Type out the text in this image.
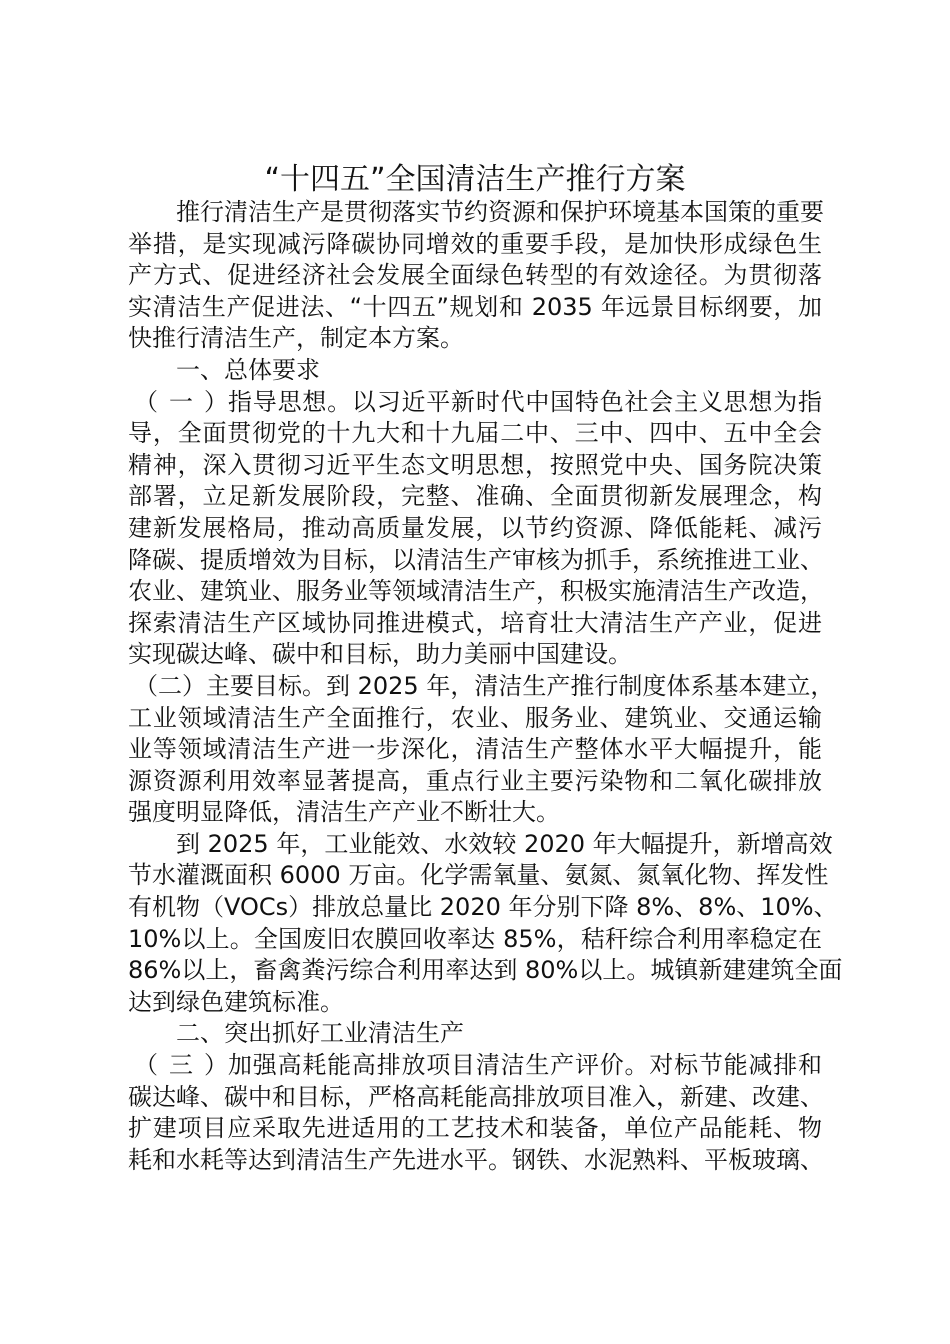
“十四五”全国清洁生产推行方案
推行清洁生产是贯彻落实节约资源和保护环境基本国策的重要
举措，是实现减污降碳协同增效的重要手段，是加快形成绿色生
产方式、促进经济社会发展全面绿色转型的有效途径。为贯彻落
实清洁生产促进法、“十四五”规划和 2035 年远景目标纲要，加
快推行清洁生产，制定本方案。
一、总体要求
（一） 指导思想。以习近平新时代中国特色社会主义思想为指
导，全面贯彻党的十九大和十九届二中、三中、四中、五中全会
精神，深入贯彻习近平生态文明思想，按照党中央、国务院决策
部署，立足新发展阶段，完整、准确、全面贯彻新发展理念，构
建新发展格局，推动高质量发展，以节约资源、降低能耗、减污
降碳、提质增效为目标，以清洁生产审核为抓手，系统推进工业、
农业、建筑业、服务业等领域清洁生产，积极实施清洁生产改造，
探索清洁生产区域协同推进模式，培育壮大清洁生产产业，促进
实现碳达峰、碳中和目标，助力美丽中国建设。
（二） 主要目标。到 2025 年，清洁生产推行制度体系基本建立，
工业领域清洁生产全面推行，农业、服务业、建筑业、交通运输
业等领域清洁生产进一步深化，清洁生产整体水平大幅提升，能
源资源利用效率显著提高，重点行业主要污染物和二氧化碳排放
强度明显降低，清洁生产产业不断壮大。
到 2025 年，工业能效、水效较 2020 年大幅提升，新增高效
节水灌溉面积 6000 万亩。化学需氧量、氨氮、氮氧化物、挥发性
有机物（VOCs）排放总量比 2020 年分别下降 8%、8%、10%、
10%以上。全国废旧农膜回收率达 85%，秸秆综合利用率稳定在
86%以上，畜禽粪污综合利用率达到 80%以上。城镇新建建筑全面
达到绿色建筑标准。
二、突出抓好工业清洁生产
（三） 加强高耗能高排放项目清洁生产评价。对标节能减排和
碳达峰、碳中和目标，严格高耗能高排放项目准入，新建、改建、
扩建项目应采取先进适用的工艺技术和装备，单位产品能耗、物
耗和水耗等达到清洁生产先进水平。钢铁、水泥熟料、平板玻璃、
